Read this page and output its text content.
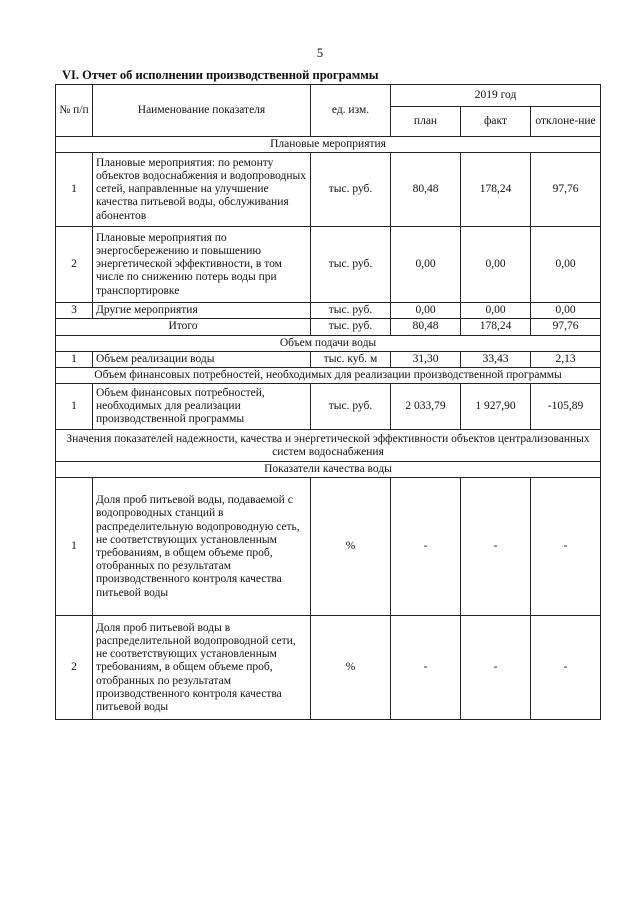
5
VI. Отчет об исполнении производственной программы
№ п/п	Наименование показателя	ед. изм.	2019 год		
			план	факт	отклоне-ние
Плановые мероприятия					
1	Плановые мероприятия: по ремонту объектов водоснабжения и водопроводных сетей, направленные на улучшение качества питьевой воды, обслуживания абонентов	тыс. руб.	80,48	178,24	97,76
2	Плановые мероприятия по энергосбережению и повышению энергетической эффективности, в том числе по снижению потерь воды при транспортировке	тыс. руб.	0,00	0,00	0,00
3	Другие мероприятия	тыс. руб.	0,00	0,00	0,00
Итого		тыс. руб.	80,48	178,24	97,76
Объем подачи воды					
1	Объем реализации воды	тыс. куб. м	31,30	33,43	2,13
Объем финансовых потребностей, необходимых для реализации производственной программы					
1	Объем финансовых потребностей, необходимых для реализации производственной программы	тыс. руб.	2 033,79	1 927,90	-105,89
Значения показателей надежности, качества и энергетической эффективности объектов централизованных систем водоснабжения					
Показатели качества воды					
1	Доля проб питьевой воды, подаваемой с водопроводных станций в распределительную водопроводную сеть, не соответствующих установленным требованиям, в общем объеме проб, отобранных по результатам производственного контроля качества питьевой воды	%	-	-	-
2	Доля проб питьевой воды в распределительной водопроводной сети, не соответствующих установленным требованиям, в общем объеме проб, отобранных по результатам производственного контроля качества питьевой воды	%	-	-	-
